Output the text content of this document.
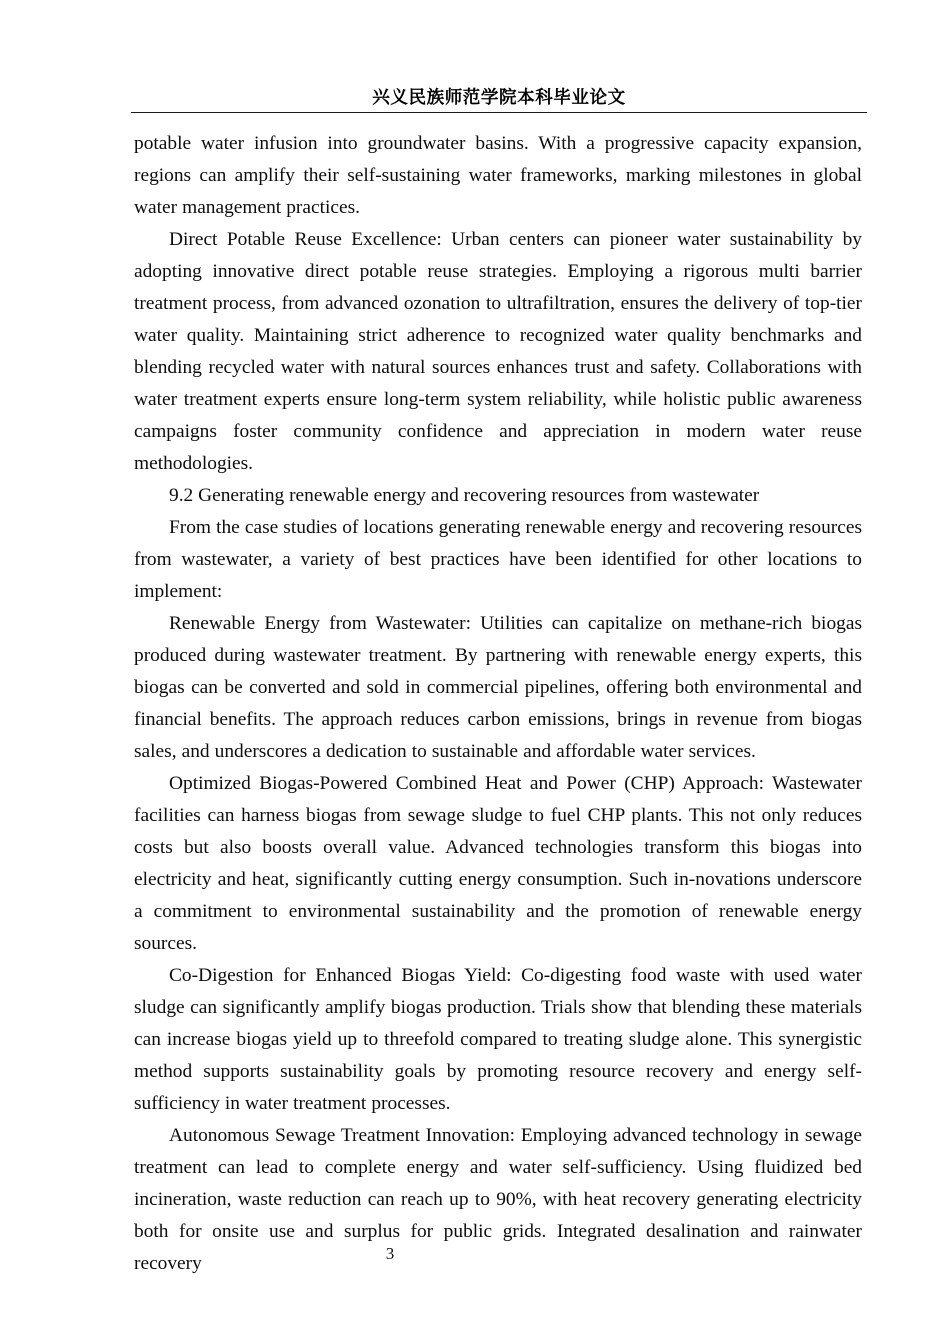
兴义民族师范学院本科毕业论文

potable water infusion into groundwater basins. With a progressive capacity expansion, regions can amplify their self-sustaining water frameworks, marking milestones in global water management practices.

Direct Potable Reuse Excellence: Urban centers can pioneer water sustainability by adopting innovative direct potable reuse strategies. Employing a rigorous multi barrier treatment process, from advanced ozonation to ultrafiltration, ensures the delivery of top-tier water quality. Maintaining strict adherence to recognized water quality benchmarks and blending recycled water with natural sources enhances trust and safety. Collaborations with water treatment experts ensure long-term system reliability, while holistic public awareness campaigns foster community confidence and appreciation in modern water reuse methodologies.

9.2 Generating renewable energy and recovering resources from wastewater

From the case studies of locations generating renewable energy and recovering resources from wastewater, a variety of best practices have been identified for other locations to implement:

Renewable Energy from Wastewater: Utilities can capitalize on methane-rich biogas produced during wastewater treatment. By partnering with renewable energy experts, this biogas can be converted and sold in commercial pipelines, offering both environmental and financial benefits. The approach reduces carbon emissions, brings in revenue from biogas sales, and underscores a dedication to sustainable and affordable water services.

Optimized Biogas-Powered Combined Heat and Power (CHP) Approach: Wastewater facilities can harness biogas from sewage sludge to fuel CHP plants. This not only reduces costs but also boosts overall value. Advanced technologies transform this biogas into electricity and heat, significantly cutting energy consumption. Such in-novations underscore a commitment to environmental sustainability and the promotion of renewable energy sources.

Co-Digestion for Enhanced Biogas Yield: Co-digesting food waste with used water sludge can significantly amplify biogas production. Trials show that blending these materials can increase biogas yield up to threefold compared to treating sludge alone. This synergistic method supports sustainability goals by promoting resource recovery and energy self-sufficiency in water treatment processes.

Autonomous Sewage Treatment Innovation: Employing advanced technology in sewage treatment can lead to complete energy and water self-sufficiency. Using fluidized bed incineration, waste reduction can reach up to 90%, with heat recovery generating electricity both for onsite use and surplus for public grids. Integrated desalination and rainwater recovery	3
